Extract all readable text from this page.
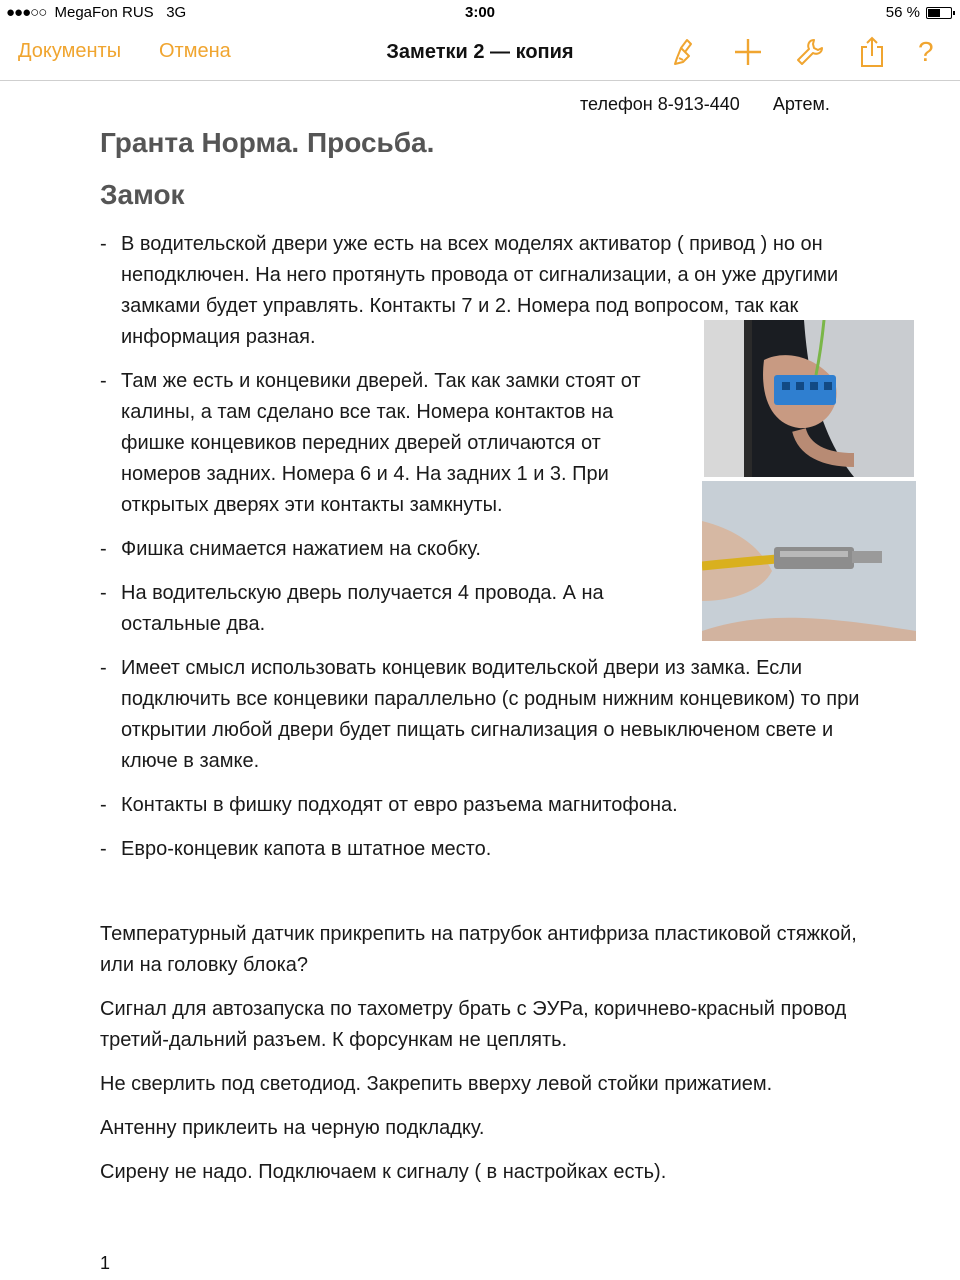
●●●○○ MegaFon RUS 3G	3:00	56 %
Документы Отмена	Заметки 2 — копия	?
телефон 8-913-440 Артем.
Гранта Норма. Просьба.
Замок
- В водительской двери уже есть на всех моделях активатор ( привод ) но он неподключен. На него протянуть провода от сигнализации, а он уже другими замками будет управлять. Контакты 7 и 2. Номера под вопросом, так как информация разная.
- Там же есть и концевики дверей. Так как замки стоят от калины, а там сделано все так. Номера контактов на фишке концевиков передних дверей отличаются от номеров задних. Номера 6 и 4. На задних 1 и 3. При открытых дверях эти контакты замкнуты.
- Фишка снимается нажатием на скобку.
- На водительскую дверь получается 4 провода. А на остальные два.
- Имеет смысл использовать концевик водительской двери из замка. Если подключить все концевики параллельно (с родным нижним концевиком) то при открытии любой двери будет пищать сигнализация о невыключеном свете и ключе в замке.
- Контакты в фишку подходят от евро разъема магнитофона.
- Евро-концевик капота в штатное место.

Температурный датчик прикрепить на патрубок антифриза пластиковой стяжкой, или на головку блока?

Сигнал для автозапуска по тахометру брать с ЭУРа, коричнево-красный провод третий-дальний разъем. К форсункам не цеплять.

Не сверлить под светодиод. Закрепить вверху левой стойки прижатием.

Антенну приклеить на черную подкладку.

Сирену не надо. Подключаем к сигналу ( в настройках есть).

1
